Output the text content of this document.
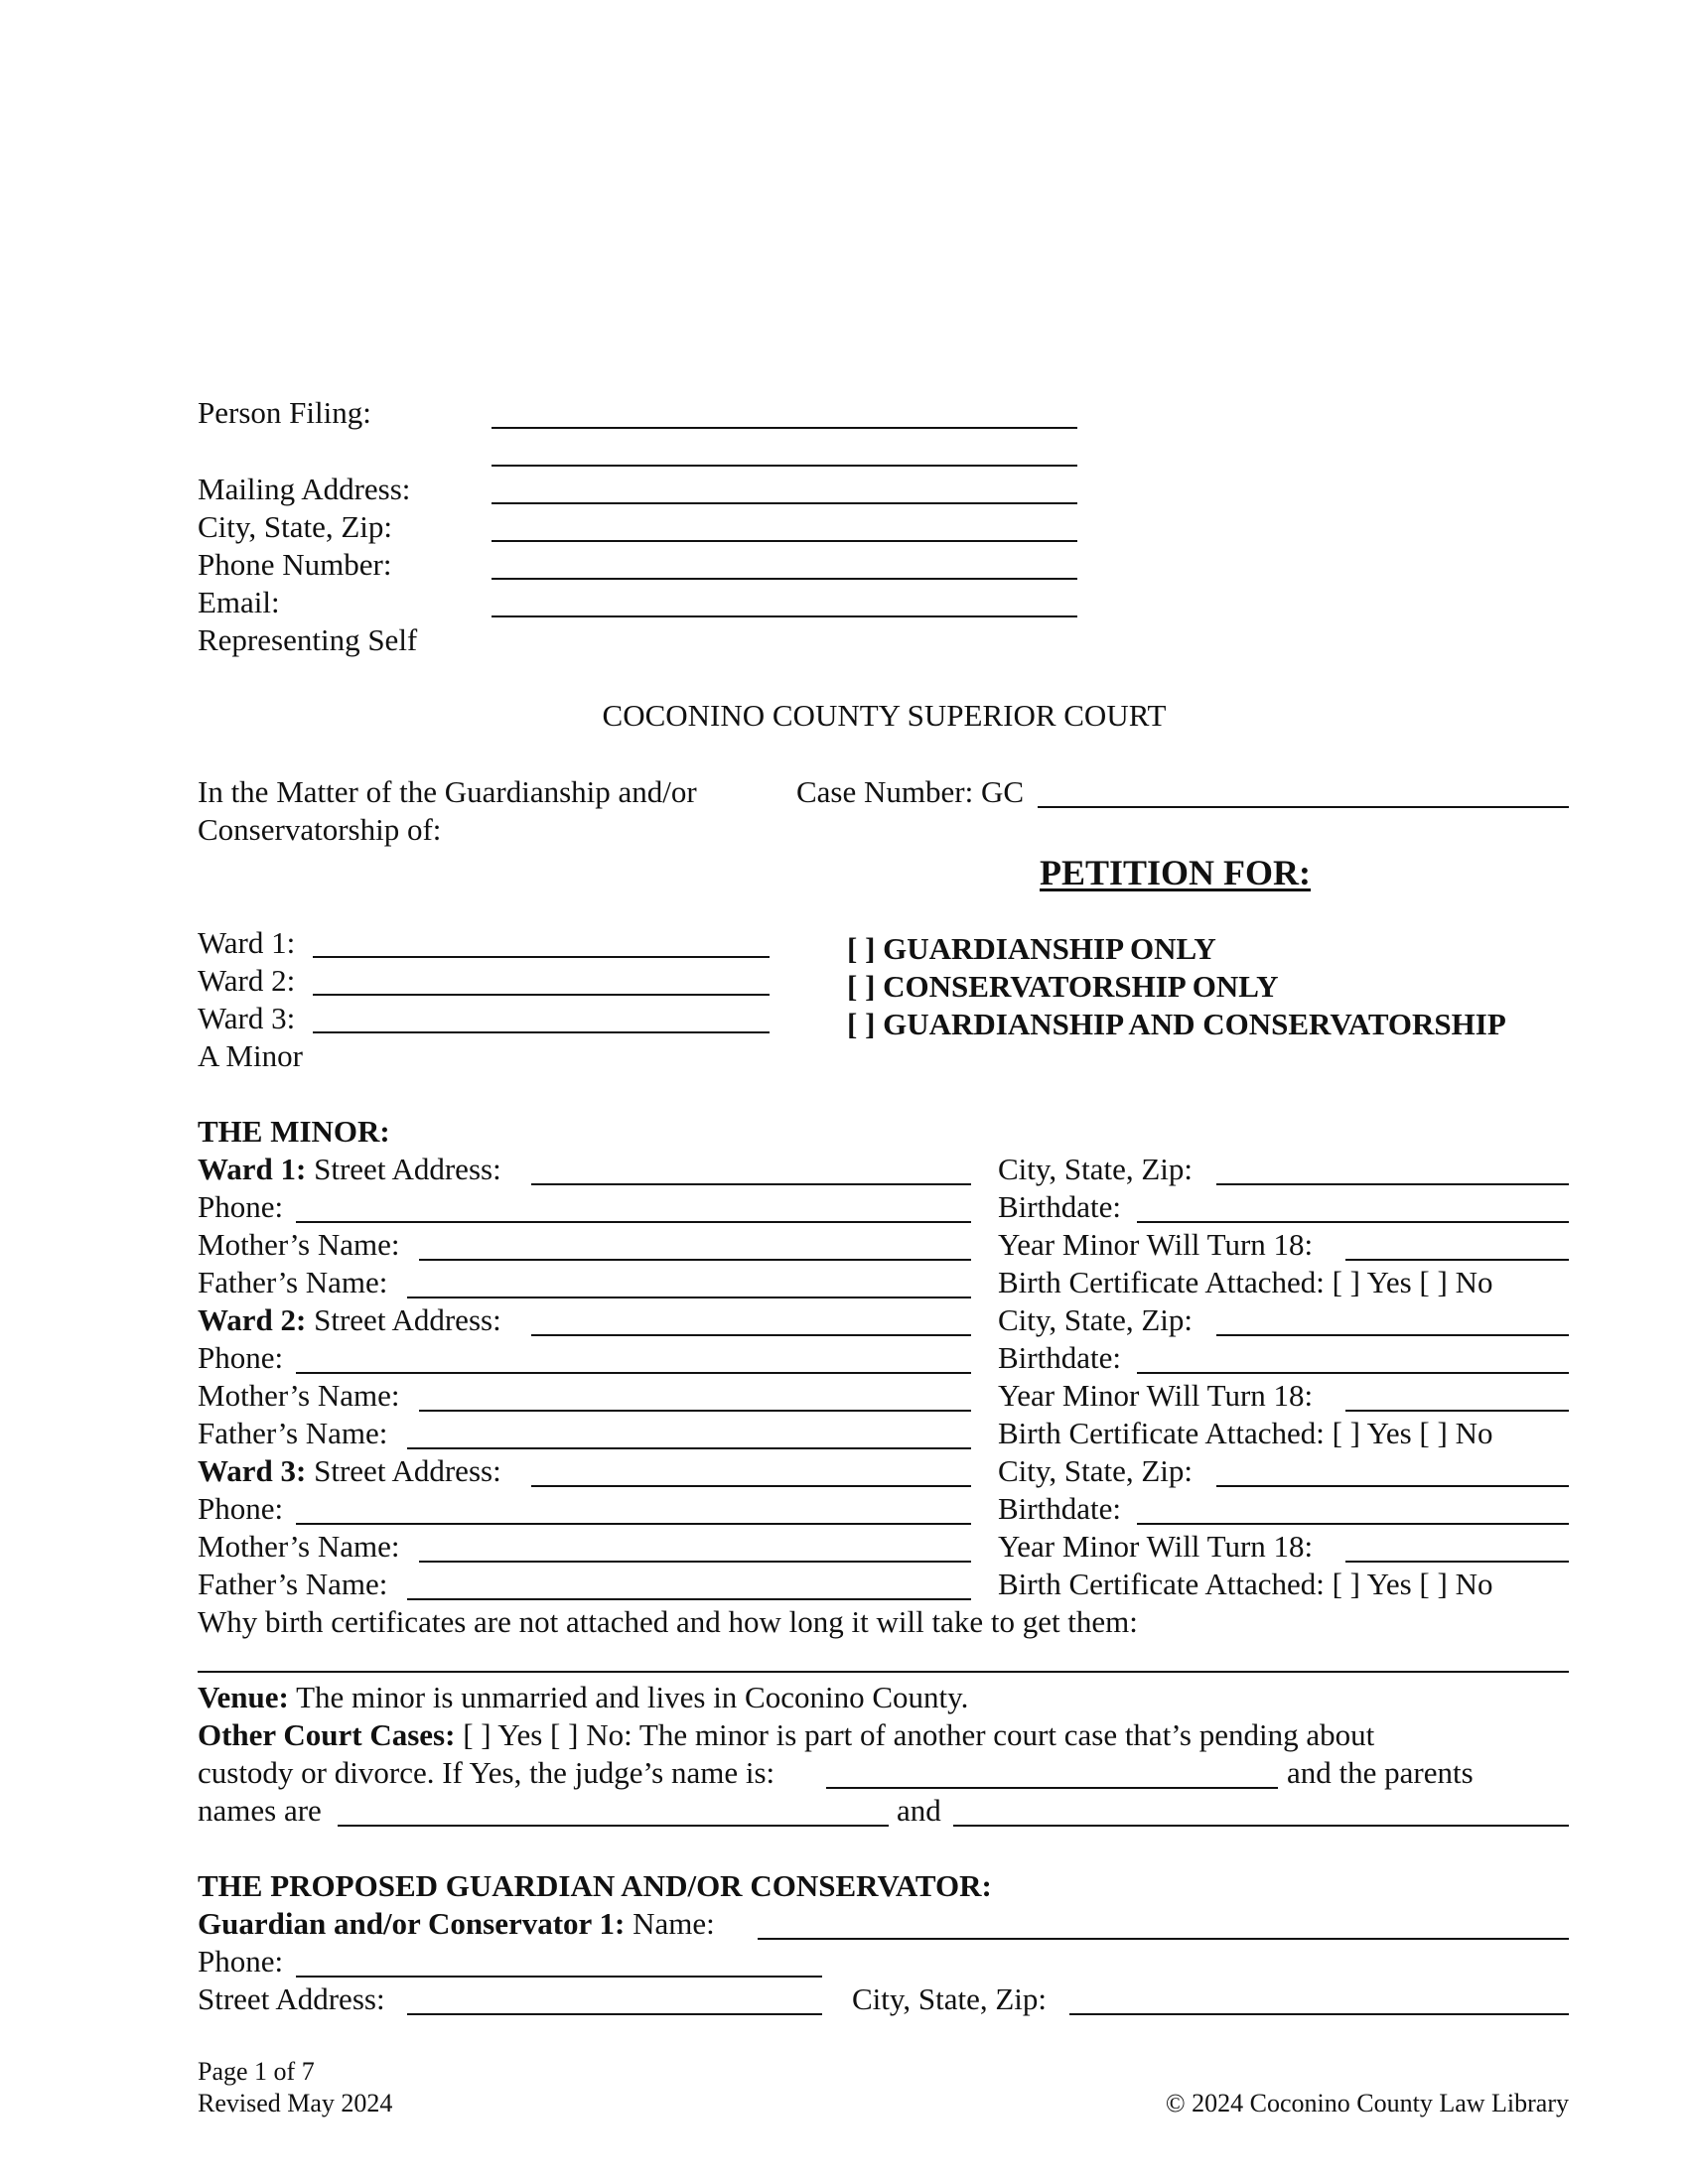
Person Filing:
Mailing Address:
City, State, Zip:
Phone Number:
Email:
Representing Self
COCONINO COUNTY SUPERIOR COURT
In the Matter of the Guardianship and/or
Conservatorship of:
Case Number: GC
PETITION FOR:
Ward 1:
Ward 2:
Ward 3:
A Minor
[ ] GUARDIANSHIP ONLY
[ ] CONSERVATORSHIP ONLY
[ ] GUARDIANSHIP AND CONSERVATORSHIP
THE MINOR:
Ward 1: Street Address:	City, State, Zip:
Phone:	Birthdate:
Mother’s Name:	Year Minor Will Turn 18:
Father’s Name:	Birth Certificate Attached: [ ] Yes [ ] No
Ward 2: Street Address:	City, State, Zip:
Phone:	Birthdate:
Mother’s Name:	Year Minor Will Turn 18:
Father’s Name:	Birth Certificate Attached: [ ] Yes [ ] No
Ward 3: Street Address:	City, State, Zip:
Phone:	Birthdate:
Mother’s Name:	Year Minor Will Turn 18:
Father’s Name:	Birth Certificate Attached: [ ] Yes [ ] No
Why birth certificates are not attached and how long it will take to get them:
Venue: The minor is unmarried and lives in Coconino County.
Other Court Cases: [ ] Yes [ ] No: The minor is part of another court case that’s pending about
custody or divorce. If Yes, the judge’s name is:	and the parents
names are	and
THE PROPOSED GUARDIAN AND/OR CONSERVATOR:
Guardian and/or Conservator 1: Name:
Phone:
Street Address:	City, State, Zip:
Page 1 of 7
Revised May 2024	© 2024 Coconino County Law Library
